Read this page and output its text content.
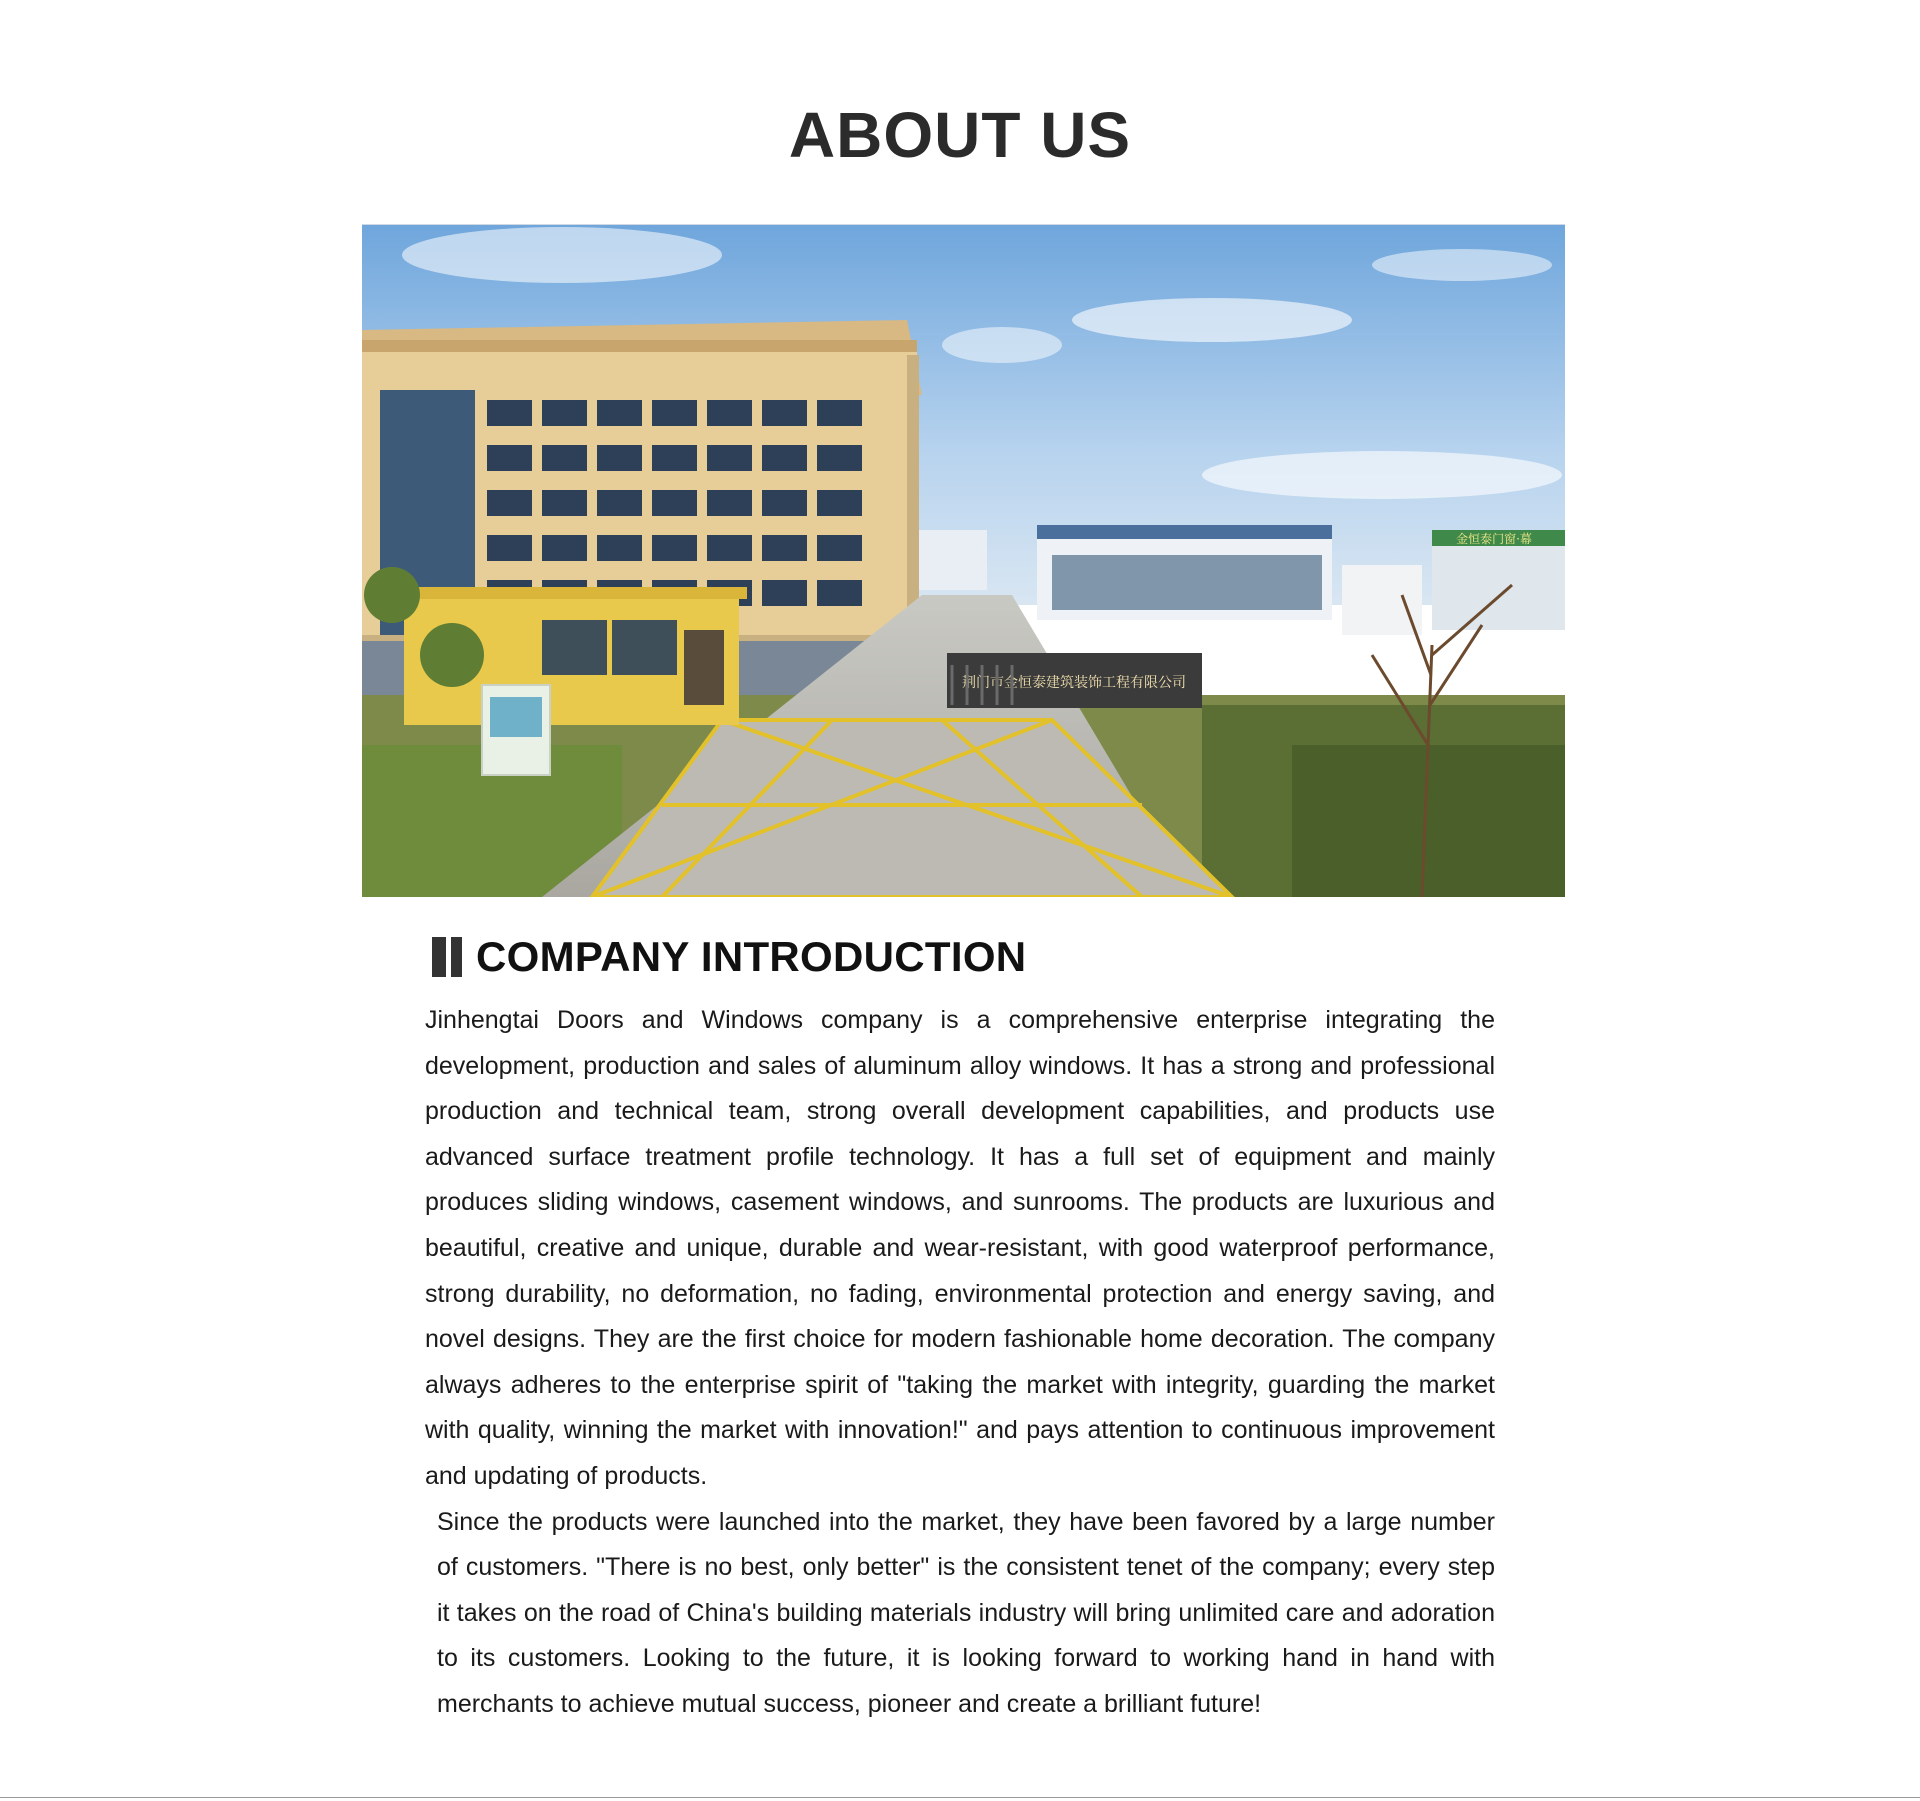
ABOUT US
荆门市金恒泰建筑装饰工程有限公司
金恒泰门窗·幕
COMPANY INTRODUCTION

Jinhengtai Doors and Windows company is a comprehensive enterprise integrating the development, production and sales of aluminum alloy windows. It has a strong and professional production and technical team, strong overall development capabilities, and products use advanced surface treatment profile technology. It has a full set of equipment and mainly produces sliding windows, casement windows, and sunrooms. The products are luxurious and beautiful, creative and unique, durable and wear-resistant, with good waterproof performance, strong durability, no deformation, no fading, environmental protection and energy saving, and novel designs. They are the first choice for modern fashionable home decoration. The company always adheres to the enterprise spirit of "taking the market with integrity, guarding the market with quality, winning the market with innovation!" and pays attention to continuous improvement and updating of products.

Since the products were launched into the market, they have been favored by a large number of customers. "There is no best, only better" is the consistent tenet of the company; every step it takes on the road of China's building materials industry will bring unlimited care and adoration to its customers. Looking to the future, it is looking forward to working hand in hand with merchants to achieve mutual success, pioneer and create a brilliant future!
